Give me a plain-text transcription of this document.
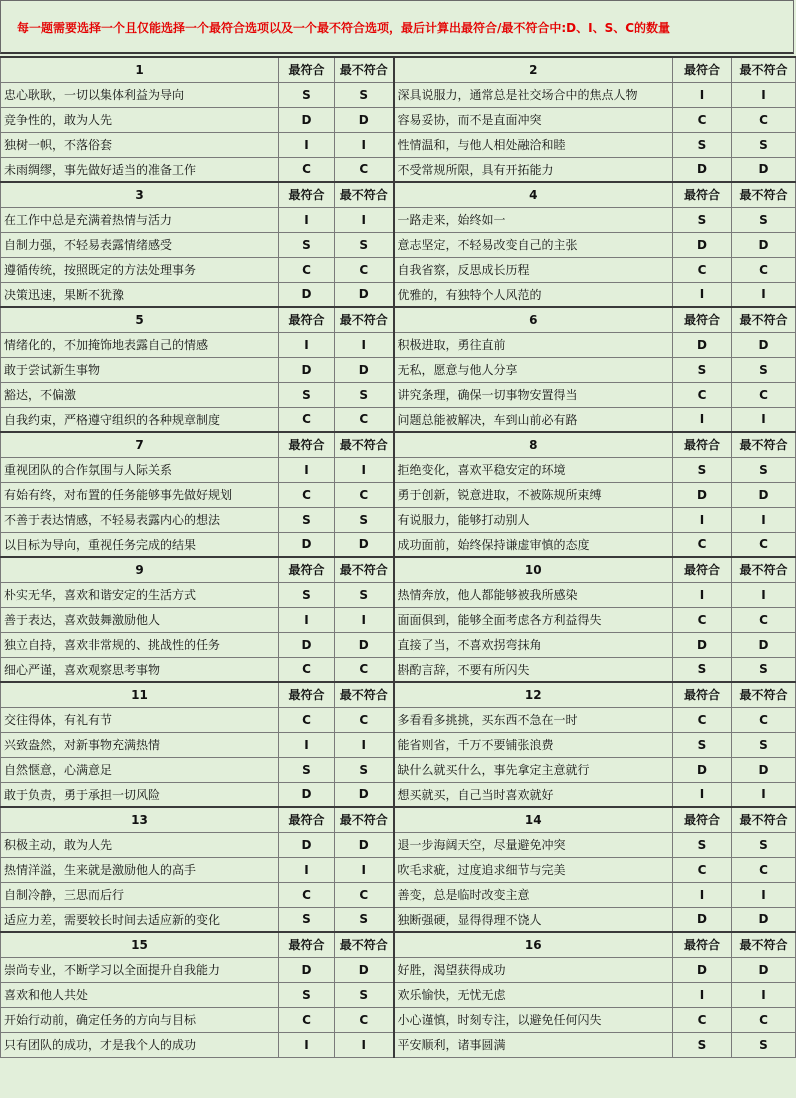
每一题需要选择一个且仅能选择一个最符合选项以及一个最不符合选项，最后计算出最符合/最不符合中:D、I、S、C的数量
1	最符合	最不符合	2	最符合	最不符合
忠心耿耿，一切以集体利益为导向	S	S	深具说服力，通常总是社交场合中的焦点人物	I	I
竞争性的，敢为人先	D	D	容易妥协，而不是直面冲突	C	C
独树一帜，不落俗套	I	I	性情温和，与他人相处融洽和睦	S	S
未雨绸缪，事先做好适当的准备工作	C	C	不受常规所限，具有开拓能力	D	D
3	最符合	最不符合	4	最符合	最不符合
在工作中总是充满着热情与活力	I	I	一路走来，始终如一	S	S
自制力强，不轻易表露情绪感受	S	S	意志坚定，不轻易改变自己的主张	D	D
遵循传统，按照既定的方法处理事务	C	C	自我省察，反思成长历程	C	C
决策迅速，果断不犹豫	D	D	优雅的，有独特个人风范的	I	I
5	最符合	最不符合	6	最符合	最不符合
情绪化的，不加掩饰地表露自己的情感	I	I	积极进取，勇往直前	D	D
敢于尝试新生事物	D	D	无私，愿意与他人分享	S	S
豁达，不偏激	S	S	讲究条理，确保一切事物安置得当	C	C
自我约束，严格遵守组织的各种规章制度	C	C	问题总能被解决，车到山前必有路	I	I
7	最符合	最不符合	8	最符合	最不符合
重视团队的合作氛围与人际关系	I	I	拒绝变化，喜欢平稳安定的环境	S	S
有始有终，对布置的任务能够事先做好规划	C	C	勇于创新，锐意进取，不被陈规所束缚	D	D
不善于表达情感，不轻易表露内心的想法	S	S	有说服力，能够打动别人	I	I
以目标为导向，重视任务完成的结果	D	D	成功面前，始终保持谦虚审慎的态度	C	C
9	最符合	最不符合	10	最符合	最不符合
朴实无华，喜欢和谐安定的生活方式	S	S	热情奔放，他人都能够被我所感染	I	I
善于表达，喜欢鼓舞激励他人	I	I	面面俱到，能够全面考虑各方利益得失	C	C
独立自持，喜欢非常规的、挑战性的任务	D	D	直接了当，不喜欢拐弯抹角	D	D
细心严谨，喜欢观察思考事物	C	C	斟酌言辞，不要有所闪失	S	S
11	最符合	最不符合	12	最符合	最不符合
交往得体，有礼有节	C	C	多看看多挑挑，买东西不急在一时	C	C
兴致盎然，对新事物充满热情	I	I	能省则省，千万不要铺张浪费	S	S
自然惬意，心满意足	S	S	缺什么就买什么，事先拿定主意就行	D	D
敢于负责，勇于承担一切风险	D	D	想买就买，自己当时喜欢就好	I	I
13	最符合	最不符合	14	最符合	最不符合
积极主动，敢为人先	D	D	退一步海阔天空，尽量避免冲突	S	S
热情洋溢，生来就是激励他人的高手	I	I	吹毛求疵，过度追求细节与完美	C	C
自制冷静，三思而后行	C	C	善变，总是临时改变主意	I	I
适应力差，需要较长时间去适应新的变化	S	S	独断强硬，显得得理不饶人	D	D
15	最符合	最不符合	16	最符合	最不符合
崇尚专业，不断学习以全面提升自我能力	D	D	好胜，渴望获得成功	D	D
喜欢和他人共处	S	S	欢乐愉快，无忧无虑	I	I
开始行动前，确定任务的方向与目标	C	C	小心谨慎，时刻专注，以避免任何闪失	C	C
只有团队的成功，才是我个人的成功	I	I	平安顺利，诸事圆满	S	S
